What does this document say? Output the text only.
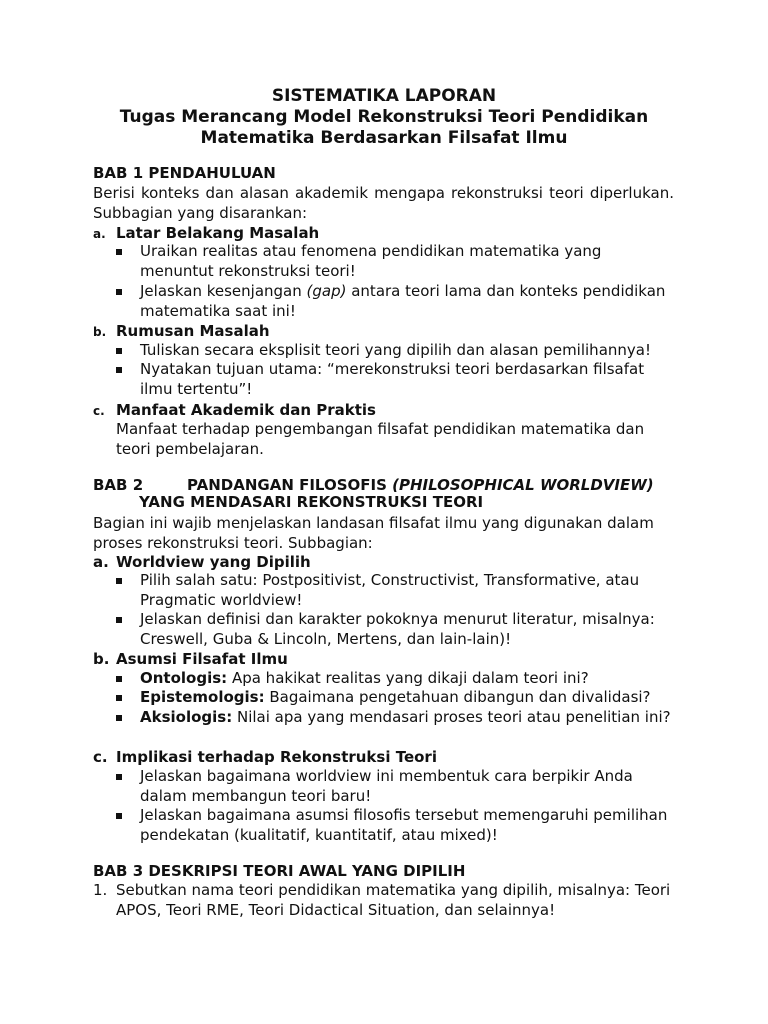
SISTEMATIKA LAPORAN
Tugas Merancang Model Rekonstruksi Teori Pendidikan
Matematika Berdasarkan Filsafat Ilmu
BAB 1 PENDAHULUAN
Berisi konteks dan alasan akademik mengapa rekonstruksi teori diperlukan. Subbagian yang disarankan:
a. Latar Belakang Masalah
Uraikan realitas atau fenomena pendidikan matematika yang menuntut rekonstruksi teori!
Jelaskan kesenjangan (gap) antara teori lama dan konteks pendidikan matematika saat ini!
b. Rumusan Masalah
Tuliskan secara eksplisit teori yang dipilih dan alasan pemilihannya!
Nyatakan tujuan utama: “merekonstruksi teori berdasarkan filsafat ilmu tertentu”!
c. Manfaat Akademik dan Praktis
Manfaat terhadap pengembangan filsafat pendidikan matematika dan teori pembelajaran.
BAB 2	PANDANGAN FILOSOFIS (PHILOSOPHICAL WORLDVIEW)
YANG MENDASARI REKONSTRUKSI TEORI
Bagian ini wajib menjelaskan landasan filsafat ilmu yang digunakan dalam proses rekonstruksi teori. Subbagian:
a. Worldview yang Dipilih
Pilih salah satu: Postpositivist, Constructivist, Transformative, atau Pragmatic worldview!
Jelaskan definisi dan karakter pokoknya menurut literatur, misalnya: Creswell, Guba & Lincoln, Mertens, dan lain-lain)!
b. Asumsi Filsafat Ilmu
Ontologis: Apa hakikat realitas yang dikaji dalam teori ini?
Epistemologis: Bagaimana pengetahuan dibangun dan divalidasi?
Aksiologis: Nilai apa yang mendasari proses teori atau penelitian ini?
c. Implikasi terhadap Rekonstruksi Teori
Jelaskan bagaimana worldview ini membentuk cara berpikir Anda dalam membangun teori baru!
Jelaskan bagaimana asumsi filosofis tersebut memengaruhi pemilihan pendekatan (kualitatif, kuantitatif, atau mixed)!
BAB 3 DESKRIPSI TEORI AWAL YANG DIPILIH
1. Sebutkan nama teori pendidikan matematika yang dipilih, misalnya: Teori APOS, Teori RME, Teori Didactical Situation, dan selainnya!
